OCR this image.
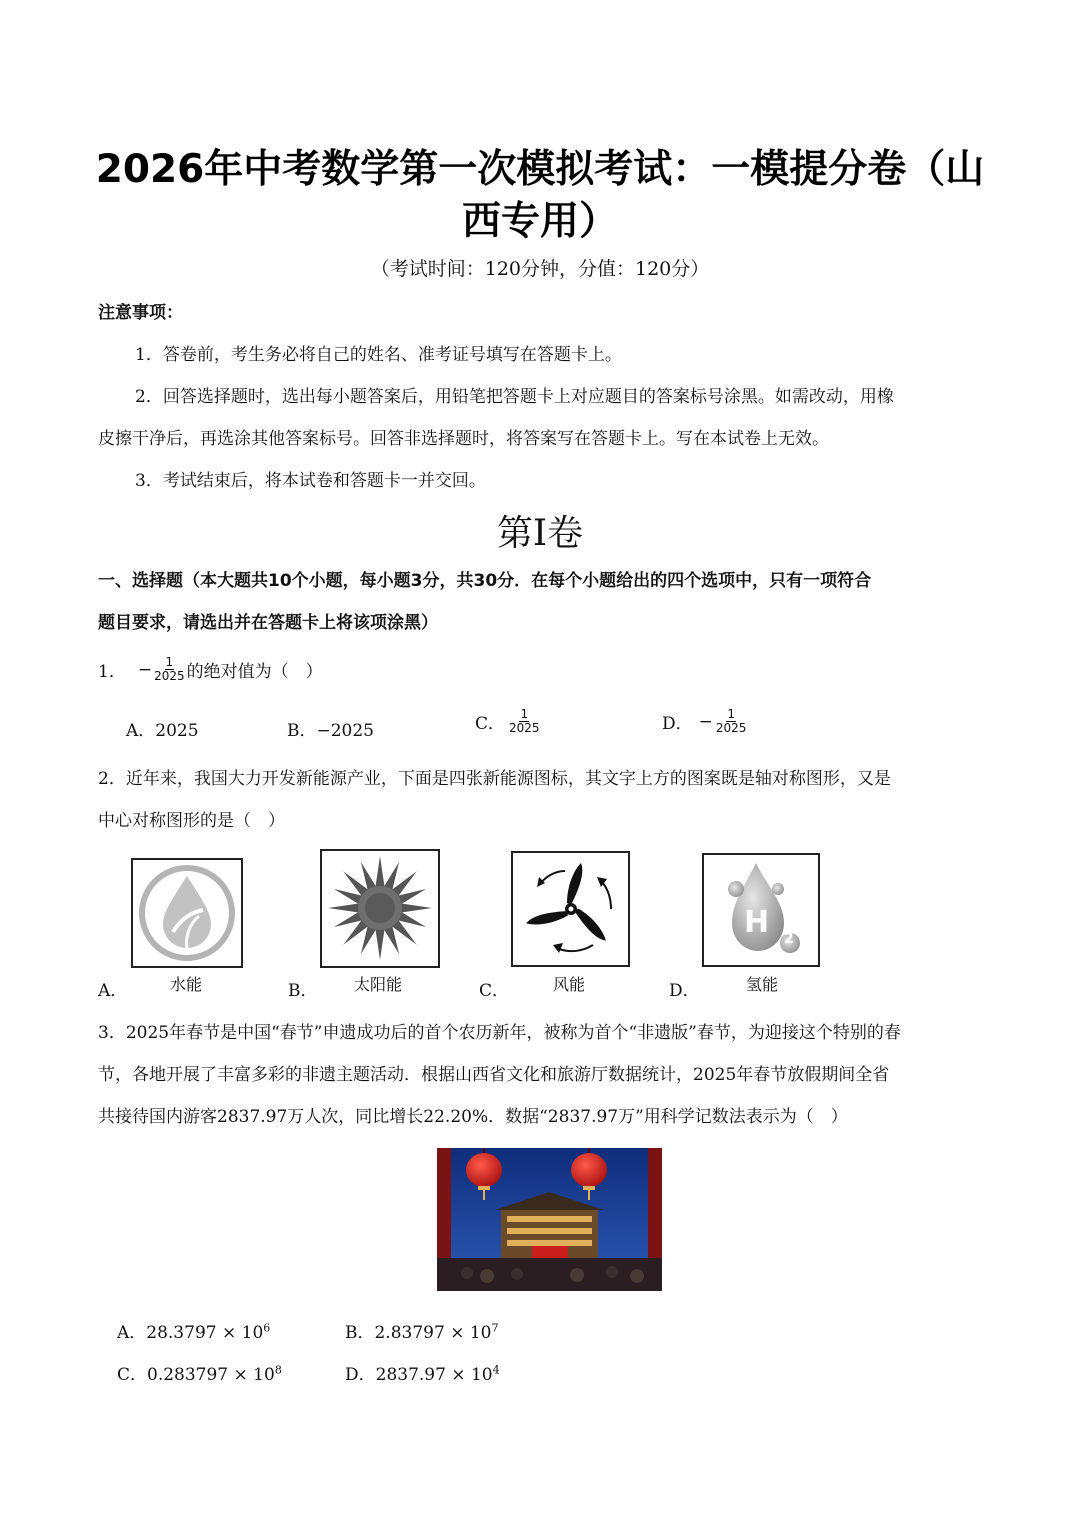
2026年中考数学第一次模拟考试：一模提分卷（山
西专用）
（考试时间：120分钟，分值：120分）
注意事项：
1．答卷前，考生务必将自己的姓名、准考证号填写在答题卡上。
2．回答选择题时，选出每小题答案后，用铅笔把答题卡上对应题目的答案标号涂黑。如需改动，用橡
皮擦干净后，再选涂其他答案标号。回答非选择题时，将答案写在答题卡上。写在本试卷上无效。
3．考试结束后，将本试卷和答题卡一并交回。
第Ⅰ卷
一、选择题（本大题共10个小题，每小题3分，共30分．在每个小题给出的四个选项中，只有一项符合
题目要求，请选出并在答题卡上将该项涂黑）
1． − $\frac{1}{2025}$ 的绝对值为（　）
A．2025	B．−2025	C． $\frac{1}{2025}$	D． − $\frac{1}{2025}$
2．近年来，我国大力开发新能源产业，下面是四张新能源图标，其文字上方的图案既是轴对称图形，又是
中心对称图形的是（　）
A．	水能	B． 太阳能	C．	风能
H 2
D．	氢能
3．2025年春节是中国“春节”申遗成功后的首个农历新年，被称为首个“非遗版”春节，为迎接这个特别的春
节，各地开展了丰富多彩的非遗主题活动．根据山西省文化和旅游厅数据统计，2025年春节放假期间全省
共接待国内游客2837.97万人次，同比增长22.20%．数据“2837.97万”用科学记数法表示为（　）
A．$28.3797 \times 10^6$	B．$2.83797 \times 10^7$
C．$0.283797 \times 10^8$	D．$2837.97 \times 10^4$
